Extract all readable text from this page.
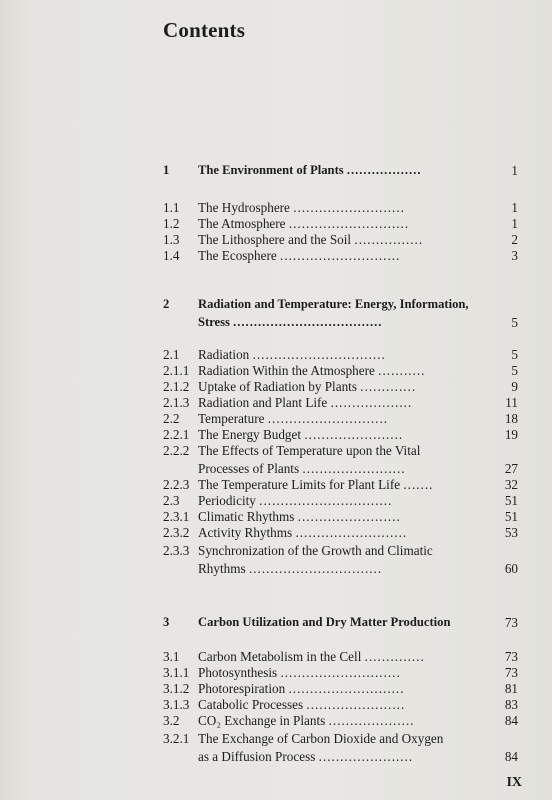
Contents
1 The Environment of Plants ..................	1
1.1 The Hydrosphere ..........................	1
1.2 The Atmosphere ............................	1
1.3 The Lithosphere and the Soil ................	2
1.4 The Ecosphere ............................	3
2 Radiation and Temperature: Energy, Information,
Stress ....................................	5
2.1 Radiation ...............................	5
2.1.1 Radiation Within the Atmosphere ...........	5
2.1.2 Uptake of Radiation by Plants .............	9
2.1.3 Radiation and Plant Life ...................	11
2.2 Temperature ............................	18
2.2.1 The Energy Budget .......................	19
2.2.2 The Effects of Temperature upon the Vital
Processes of Plants ........................	27
2.2.3 The Temperature Limits for Plant Life .......	32
2.3 Periodicity ...............................	51
2.3.1 Climatic Rhythms ........................	51
2.3.2 Activity Rhythms ..........................	53
2.3.3 Synchronization of the Growth and Climatic
Rhythms ...............................	60
3 Carbon Utilization and Dry Matter Production	73
3.1 Carbon Metabolism in the Cell ..............	73
3.1.1 Photosynthesis ............................	73
3.1.2 Photorespiration ...........................	81
3.1.3 Catabolic Processes .......................	83
3.2 CO₂ Exchange in Plants ....................	84
3.2.1 The Exchange of Carbon Dioxide and Oxygen
as a Diffusion Process ......................	84
IX
